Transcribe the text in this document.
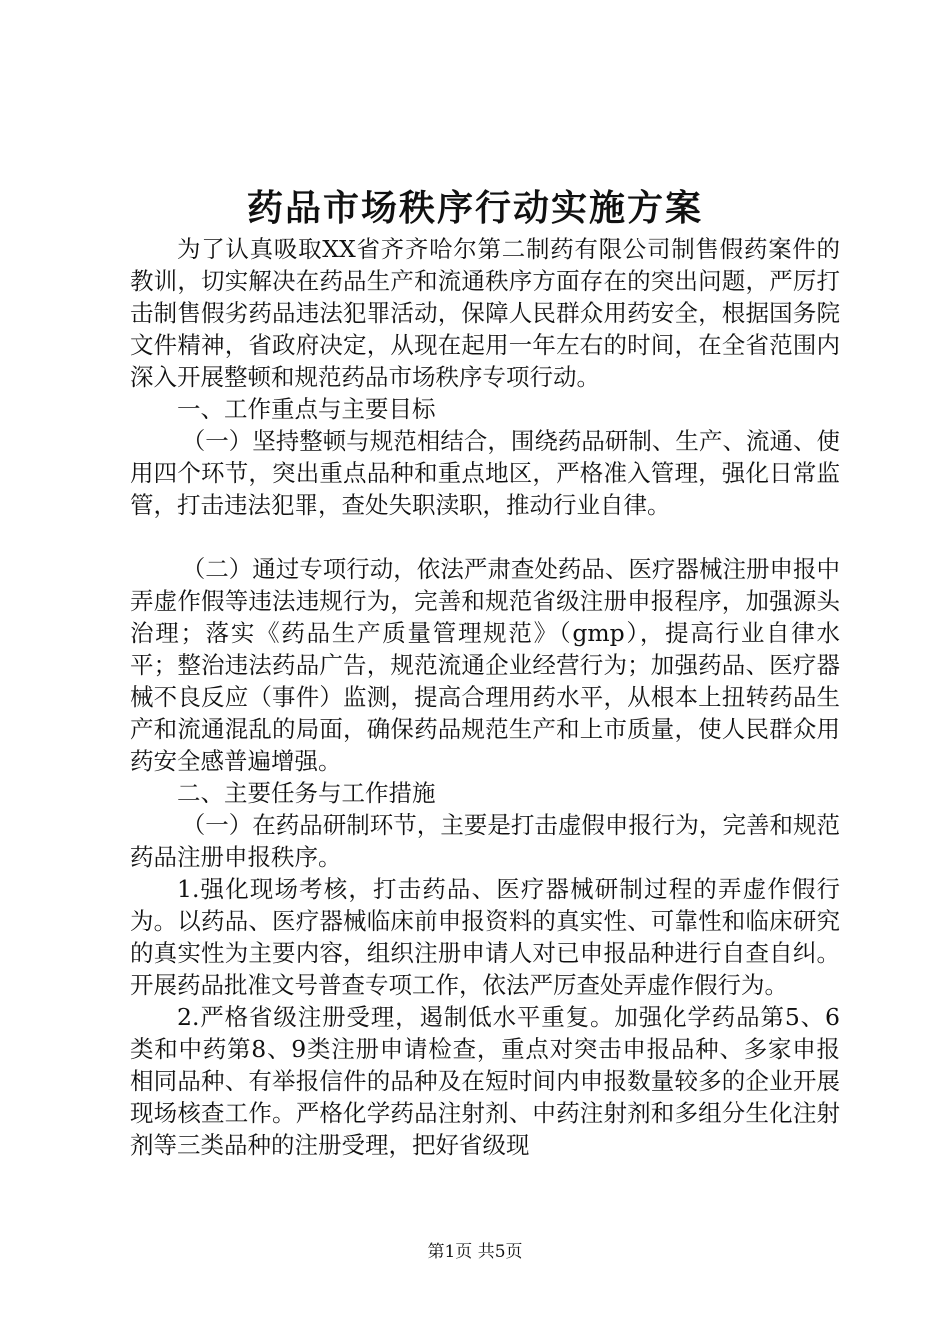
药品市场秩序行动实施方案

为了认真吸取XX省齐齐哈尔第二制药有限公司制售假药案件的教训，切实解决在药品生产和流通秩序方面存在的突出问题，严厉打击制售假劣药品违法犯罪活动，保障人民群众用药安全，根据国务院文件精神，省政府决定，从现在起用一年左右的时间，在全省范围内深入开展整顿和规范药品市场秩序专项行动。

一、工作重点与主要目标

（一）坚持整顿与规范相结合，围绕药品研制、生产、流通、使用四个环节，突出重点品种和重点地区，严格准入管理，强化日常监管，打击违法犯罪，查处失职渎职，推动行业自律。

（二）通过专项行动，依法严肃查处药品、医疗器械注册申报中弄虚作假等违法违规行为，完善和规范省级注册申报程序，加强源头治理；落实《药品生产质量管理规范》（gmp），提高行业自律水平；整治违法药品广告，规范流通企业经营行为；加强药品、医疗器械不良反应（事件）监测，提高合理用药水平，从根本上扭转药品生产和流通混乱的局面，确保药品规范生产和上市质量，使人民群众用药安全感普遍增强。

二、主要任务与工作措施

（一）在药品研制环节，主要是打击虚假申报行为，完善和规范药品注册申报秩序。

1.强化现场考核，打击药品、医疗器械研制过程的弄虚作假行为。以药品、医疗器械临床前申报资料的真实性、可靠性和临床研究的真实性为主要内容，组织注册申请人对已申报品种进行自查自纠。开展药品批准文号普查专项工作，依法严厉查处弄虚作假行为。

2.严格省级注册受理，遏制低水平重复。加强化学药品第5、6类和中药第8、9类注册申请检查，重点对突击申报品种、多家申报相同品种、有举报信件的品种及在短时间内申报数量较多的企业开展现场核查工作。严格化学药品注射剂、中药注射剂和多组分生化注射剂等三类品种的注册受理，把好省级现

第1页 共5页
